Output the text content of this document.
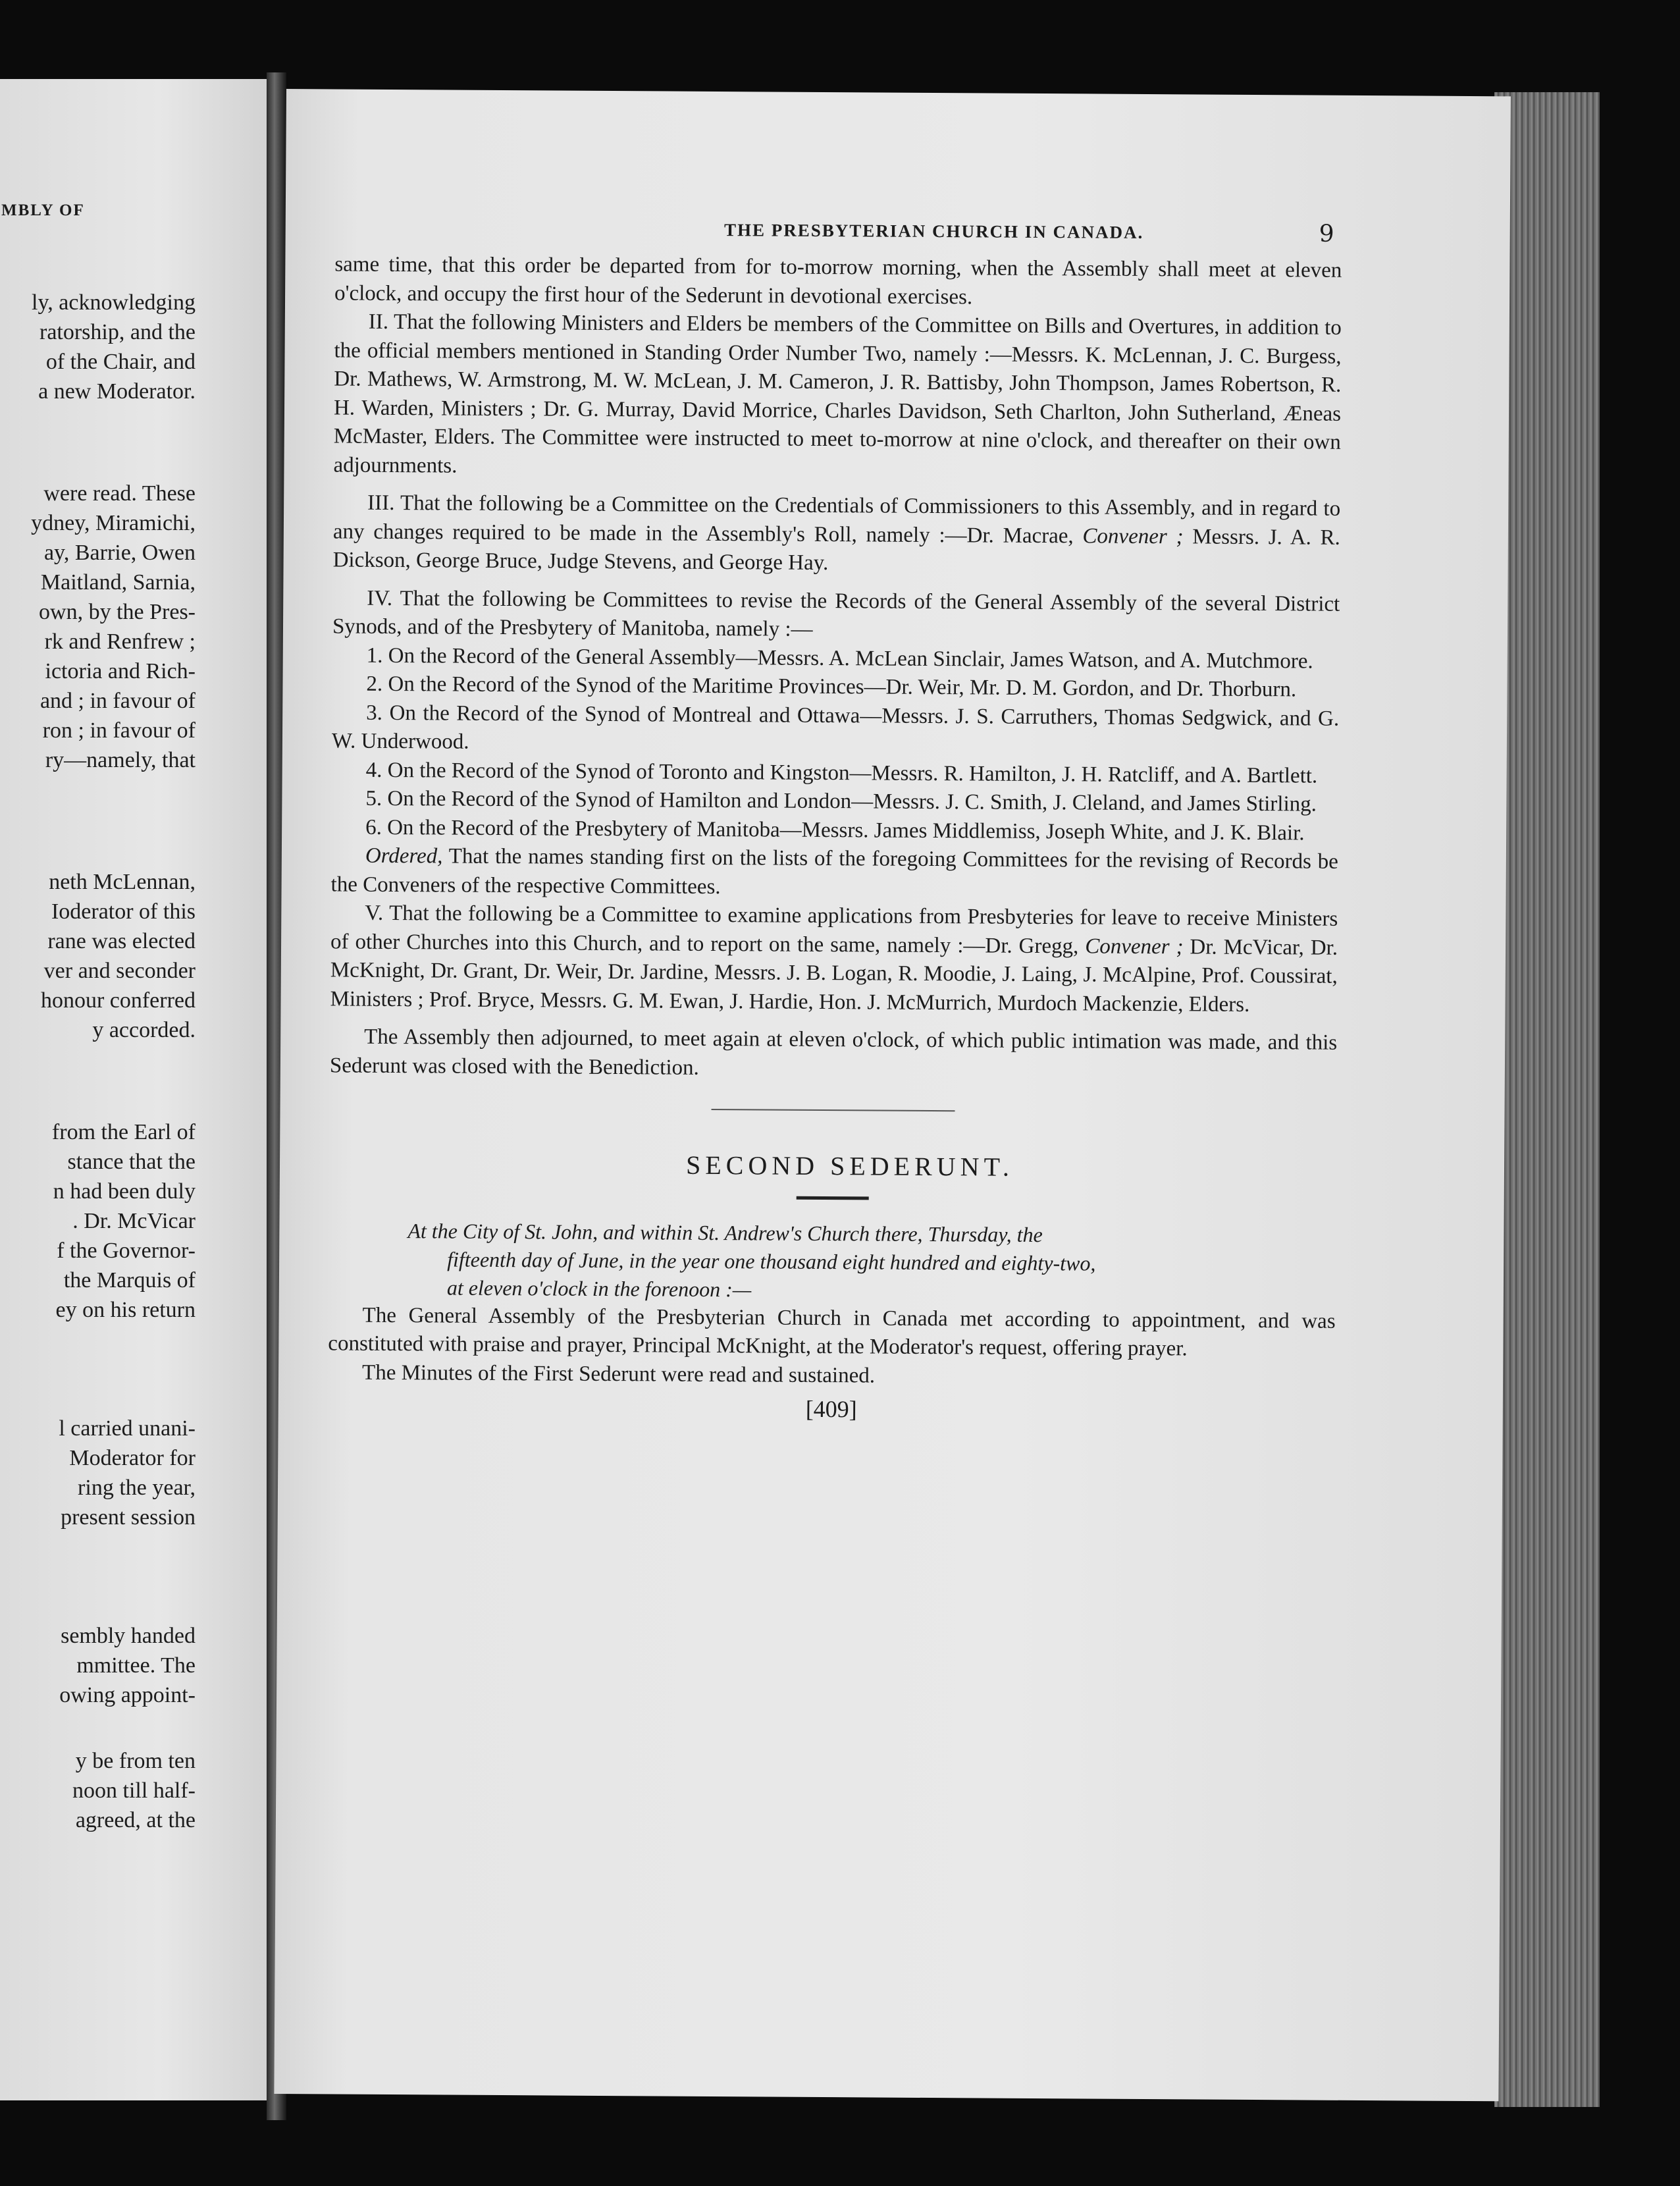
MBLY OF
ly, acknowledging
ratorship, and the
of the Chair, and
a new Moderator.
were read. These
ydney, Miramichi,
ay, Barrie, Owen
Maitland, Sarnia,
own, by the Pres-
rk and Renfrew ;
ictoria and Rich-
and ; in favour of
ron ; in favour of
ry—namely, that
neth McLennan,
Ioderator of this
rane was elected
ver and seconder
honour conferred
y accorded.
from the Earl of
stance that the
n had been duly
. Dr. McVicar
f the Governor-
the Marquis of
ey on his return
l carried unani-
Moderator for
ring the year,
present session
sembly handed
mmittee. The
owing appoint-
y be from ten
noon till half-
agreed, at the
THE PRESBYTERIAN CHURCH IN CANADA.	9

same time, that this order be departed from for to-morrow morning, when the Assembly shall meet at eleven o'clock, and occupy the first hour of the Sederunt in devotional exercises.

II. That the following Ministers and Elders be members of the Committee on Bills and Overtures, in addition to the official members mentioned in Standing Order Number Two, namely :—Messrs. K. McLennan, J. C. Burgess, Dr. Mathews, W. Armstrong, M. W. McLean, J. M. Cameron, J. R. Battisby, John Thompson, James Robertson, R. H. Warden, Ministers ; Dr. G. Murray, David Morrice, Charles Davidson, Seth Charlton, John Sutherland, Æneas McMaster, Elders. The Committee were instructed to meet to-morrow at nine o'clock, and thereafter on their own adjournments.

III. That the following be a Committee on the Credentials of Commissioners to this Assembly, and in regard to any changes required to be made in the Assembly's Roll, namely :—Dr. Macrae, Convener ; Messrs. J. A. R. Dickson, George Bruce, Judge Stevens, and George Hay.

IV. That the following be Committees to revise the Records of the General Assembly of the several District Synods, and of the Presbytery of Manitoba, namely :—

1. On the Record of the General Assembly—Messrs. A. McLean Sinclair, James Watson, and A. Mutchmore.

2. On the Record of the Synod of the Maritime Provinces—Dr. Weir, Mr. D. M. Gordon, and Dr. Thorburn.

3. On the Record of the Synod of Montreal and Ottawa—Messrs. J. S. Carruthers, Thomas Sedgwick, and G. W. Underwood.

4. On the Record of the Synod of Toronto and Kingston—Messrs. R. Hamilton, J. H. Ratcliff, and A. Bartlett.

5. On the Record of the Synod of Hamilton and London—Messrs. J. C. Smith, J. Cleland, and James Stirling.

6. On the Record of the Presbytery of Manitoba—Messrs. James Middlemiss, Joseph White, and J. K. Blair.

Ordered, That the names standing first on the lists of the foregoing Committees for the revising of Records be the Conveners of the respective Committees.

V. That the following be a Committee to examine applications from Presbyteries for leave to receive Ministers of other Churches into this Church, and to report on the same, namely :—Dr. Gregg, Convener ; Dr. McVicar, Dr. McKnight, Dr. Grant, Dr. Weir, Dr. Jardine, Messrs. J. B. Logan, R. Moodie, J. Laing, J. McAlpine, Prof. Coussirat, Ministers ; Prof. Bryce, Messrs. G. M. Ewan, J. Hardie, Hon. J. McMurrich, Murdoch Mackenzie, Elders.

The Assembly then adjourned, to meet again at eleven o'clock, of which public intimation was made, and this Sederunt was closed with the Benediction.

SECOND SEDERUNT.

At the City of St. John, and within St. Andrew's Church there, Thursday, the
fifteenth day of June, in the year one thousand eight hundred and eighty-two,
at eleven o'clock in the forenoon :—

The General Assembly of the Presbyterian Church in Canada met according to appointment, and was constituted with praise and prayer, Principal McKnight, at the Moderator's request, offering prayer.

The Minutes of the First Sederunt were read and sustained.

[409]
